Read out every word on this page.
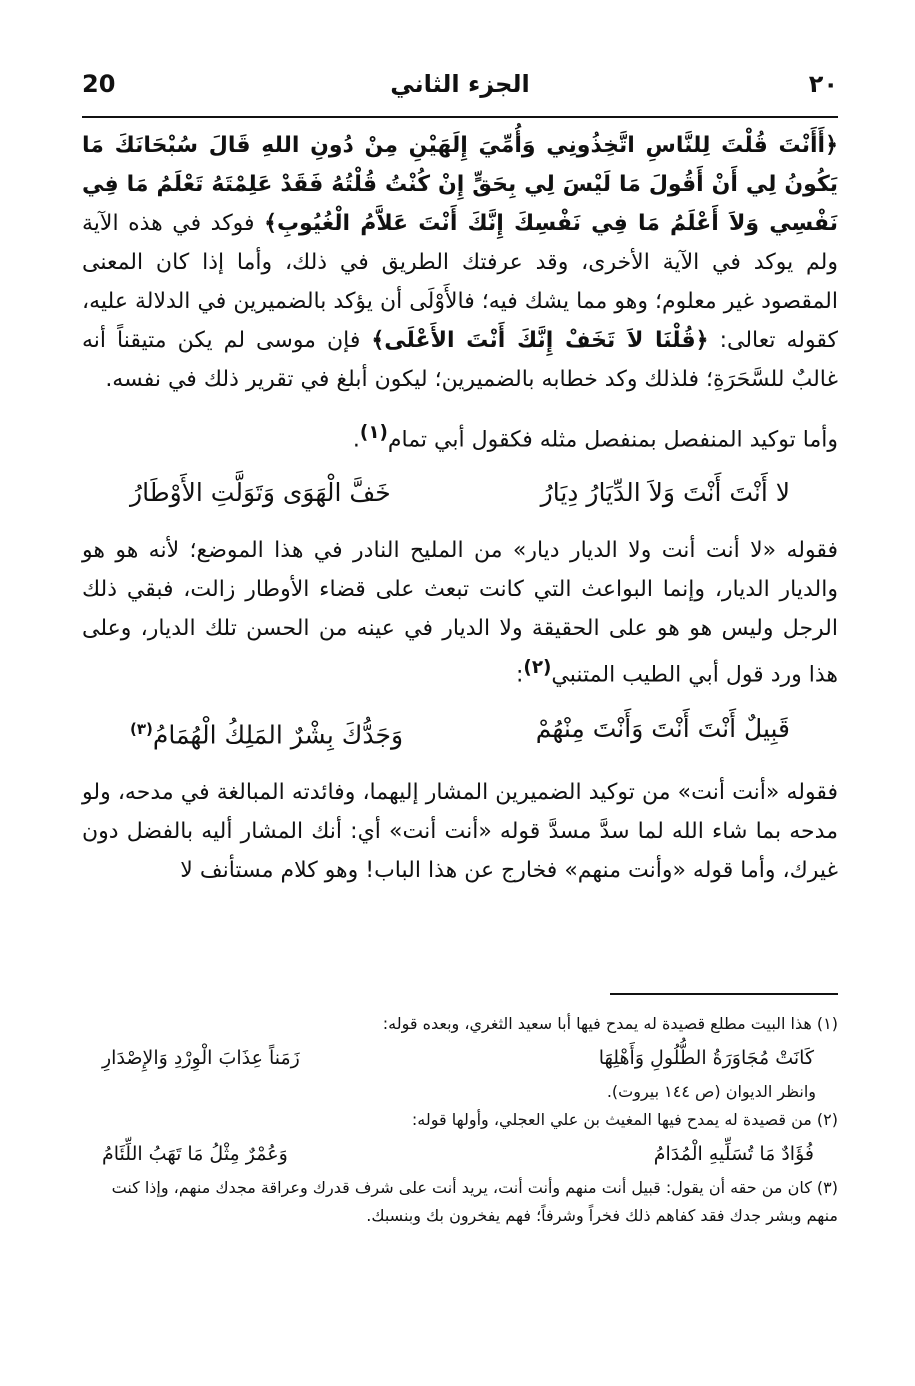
20	الجزء الثاني	٢٠

﴿أَأَنْتَ قُلْتَ لِلنَّاسِ اتَّخِذُونِي وَأُمِّيَ إِلَهَيْنِ مِنْ دُونِ اللهِ قَالَ سُبْحَانَكَ مَا يَكُونُ لِي أَنْ أَقُولَ مَا لَيْسَ لِي بِحَقٍّ إِنْ كُنْتُ قُلْتُهُ فَقَدْ عَلِمْتَهُ تَعْلَمُ مَا فِي نَفْسِي وَلاَ أَعْلَمُ مَا فِي نَفْسِكَ إِنَّكَ أَنْتَ عَلاَّمُ الْغُيُوبِ﴾ فوكد في هذه الآية ولم يوكد في الآية الأخرى، وقد عرفتك الطريق في ذلك، وأما إذا كان المعنى المقصود غير معلوم؛ وهو مما يشك فيه؛ فالأَوْلَى أن يؤكد بالضميرين في الدلالة عليه، كقوله تعالى: ﴿قُلْنَا لاَ تَخَفْ إِنَّكَ أَنْتَ الأَعْلَى﴾ فإن موسى لم يكن متيقناً أنه غالبٌ للسَّحَرَةِ؛ فلذلك وكد خطابه بالضميرين؛ ليكون أبلغ في تقرير ذلك في نفسه.

وأما توكيد المنفصل بمنفصل مثله فكقول أبي تمام$^{(١)}$.

لا أَنْتَ أَنْتَ وَلاَ الدِّيَارُ دِيَارُ
خَفَّ الْهَوَى وَتَوَلَّتِ الأَوْطَارُ

فقوله «لا أنت أنت ولا الديار ديار» من المليح النادر في هذا الموضع؛ لأنه هو هو والديار الديار، وإنما البواعث التي كانت تبعث على قضاء الأوطار زالت، فبقي ذلك الرجل وليس هو هو على الحقيقة ولا الديار في عينه من الحسن تلك الديار، وعلى هذا ورد قول أبي الطيب المتنبي$^{(٢)}$:

قَبِيلٌ أَنْتَ أَنْتَ وَأَنْتَ مِنْهُمْ
وَجَدُّكَ بِشْرٌ المَلِكُ الْهُمَامُ$^{(٣)}$

فقوله «أنت أنت» من توكيد الضميرين المشار إليهما، وفائدته المبالغة في مدحه، ولو مدحه بما شاء الله لما سدَّ مسدَّ قوله «أنت أنت» أي: أنك المشار أليه بالفضل دون غيرك، وأما قوله «وأنت منهم» فخارج عن هذا الباب! وهو كلام مستأنف لا

(١) هذا البيت مطلع قصيدة له يمدح فيها أبا سعيد الثغري، وبعده قوله:

كَانَتْ مُجَاوَرَةُ الطُّلُولِ وَأَهْلِهَا
زَمَناً عِذَابَ الْوِرْدِ وَالإِصْدَارِ

وانظر الديوان (ص ١٤٤ بيروت).

(٢) من قصيدة له يمدح فيها المغيث بن علي العجلي، وأولها قوله:

فُؤَادٌ مَا تُسَلِّيهِ الْمُدَامُ
وَعُمْرٌ مِثْلُ مَا تَهَبُ اللِّئَامُ

(٣) كان من حقه أن يقول: قبيل أنت منهم وأنت أنت، يريد أنت على شرف قدرك وعراقة مجدك منهم، وإذا كنت منهم وبشر جدك فقد كفاهم ذلك فخراً وشرفاً؛ فهم يفخرون بك وبنسبك.
